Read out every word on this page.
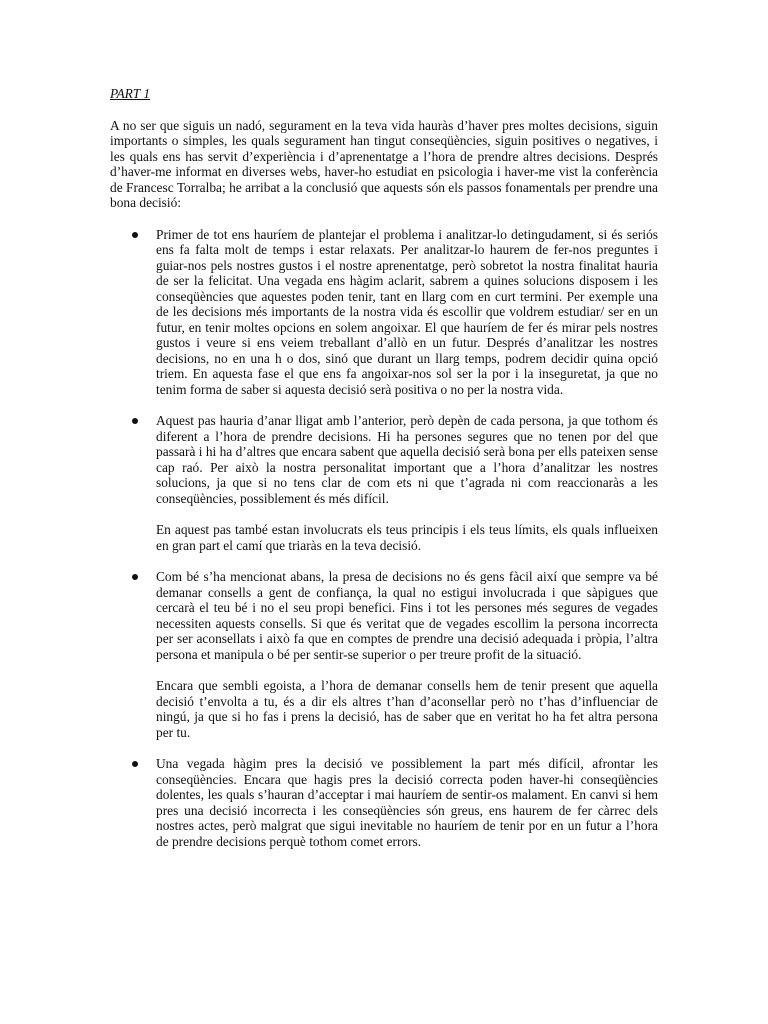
PART 1

A no ser que siguis un nadó, segurament en la teva vida hauràs d’haver pres moltes decisions, siguin importants o simples, les quals segurament han tingut conseqüències, siguin positives o negatives, i les quals ens has servit d’experiència i d’aprenentatge a l’hora de prendre altres decisions. Després d’haver-me informat en diverses webs, haver-ho estudiat en psicologia i haver-me vist la conferència de Francesc Torralba; he arribat a la conclusió que aquests són els passos fonamentals per prendre una bona decisió:

Primer de tot ens hauríem de plantejar el problema i analitzar-lo detingudament, si és seriós ens fa falta molt de temps i estar relaxats. Per analitzar-lo haurem de fer-nos preguntes i guiar-nos pels nostres gustos i el nostre aprenentatge, però sobretot la nostra finalitat hauria de ser la felicitat. Una vegada ens hàgim aclarit, sabrem a quines solucions disposem i les conseqüències que aquestes poden tenir, tant en llarg com en curt termini. Per exemple una de les decisions més importants de la nostra vida és escollir que voldrem estudiar/ ser en un futur, en tenir moltes opcions en solem angoixar. El que hauríem de fer és mirar pels nostres gustos i veure si ens veiem treballant d’allò en un futur. Després d’analitzar les nostres decisions, no en una h o dos, sinó que durant un llarg temps, podrem decidir quina opció triem. En aquesta fase el que ens fa angoixar-nos sol ser la por i la inseguretat, ja que no tenim forma de saber si aquesta decisió serà positiva o no per la nostra vida.

Aquest pas hauria d’anar lligat amb l’anterior, però depèn de cada persona, ja que tothom és diferent a l’hora de prendre decisions. Hi ha persones segures que no tenen por del que passarà i hi ha d’altres que encara sabent que aquella decisió serà bona per ells pateixen sense cap raó. Per això la nostra personalitat important que a l’hora d’analitzar les nostres solucions, ja que si no tens clar de com ets ni que t’agrada ni com reaccionaràs a les conseqüències, possiblement és més difícil.

En aquest pas també estan involucrats els teus principis i els teus límits, els quals influeixen en gran part el camí que triaràs en la teva decisió.

Com bé s’ha mencionat abans, la presa de decisions no és gens fàcil així que sempre va bé demanar consells a gent de confiança, la qual no estigui involucrada i que sàpigues que cercarà el teu bé i no el seu propi benefici. Fins i tot les persones més segures de vegades necessiten aquests consells. Si que és veritat que de vegades escollim la persona incorrecta per ser aconsellats i això fa que en comptes de prendre una decisió adequada i pròpia, l’altra persona et manipula o bé per sentir-se superior o per treure profit de la situació.

Encara que sembli egoista, a l’hora de demanar consells hem de tenir present que aquella decisió t’envolta a tu, és a dir els altres t’han d’aconsellar però no t’has d’influenciar de ningú, ja que si ho fas i prens la decisió, has de saber que en veritat ho ha fet altra persona per tu.

Una vegada hàgim pres la decisió ve possiblement la part més difícil, afrontar les conseqüències. Encara que hagis pres la decisió correcta poden haver-hi conseqüències dolentes, les quals s’hauran d’acceptar i mai hauríem de sentir-os malament. En canvi si hem pres una decisió incorrecta i les conseqüències són greus, ens haurem de fer càrrec dels nostres actes, però malgrat que sigui inevitable no hauríem de tenir por en un futur a l’hora de prendre decisions perquè tothom comet errors.
